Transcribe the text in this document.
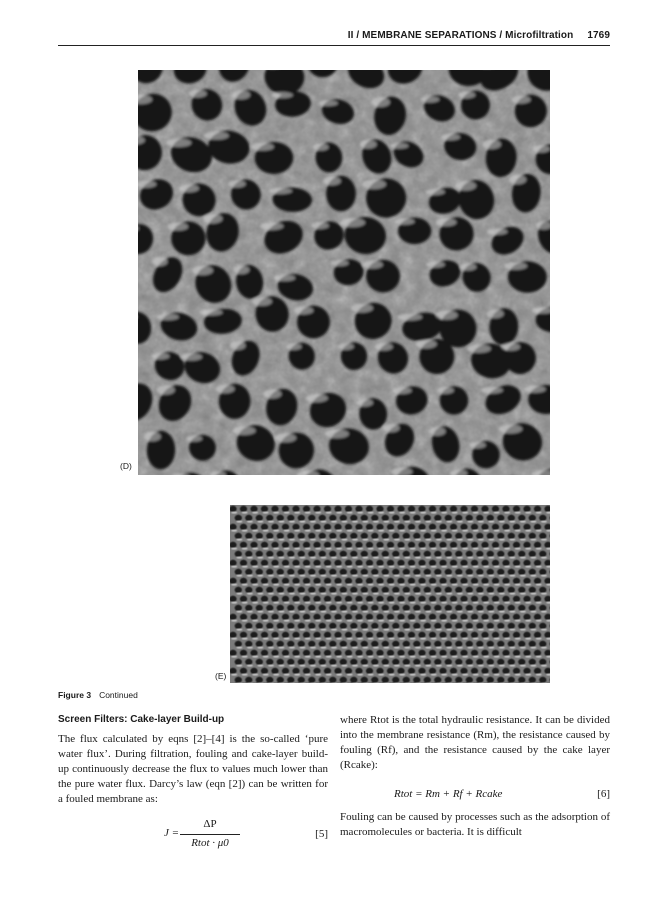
II / MEMBRANE SEPARATIONS / Microfiltration 1769
(D)
(E)
Figure 3 Continued
Screen Filters: Cake-layer Build-up

The flux calculated by eqns [2]–[4] is the so-called ‘pure water flux’. During filtration, fouling and cake-layer build-up continuously decrease the flux to values much lower than the pure water flux. Darcy’s law (eqn [2]) can be written for a fouled membrane as:

J =
ΔP
Rtot · μ0
[5]

where Rtot is the total hydraulic resistance. It can be divided into the membrane resistance (Rm), the resistance caused by fouling (Rf), and the resistance caused by the cake layer (Rcake):

Rtot = Rm + Rf + Rcake	[6]

Fouling can be caused by processes such as the adsorption of macromolecules or bacteria. It is difficult
